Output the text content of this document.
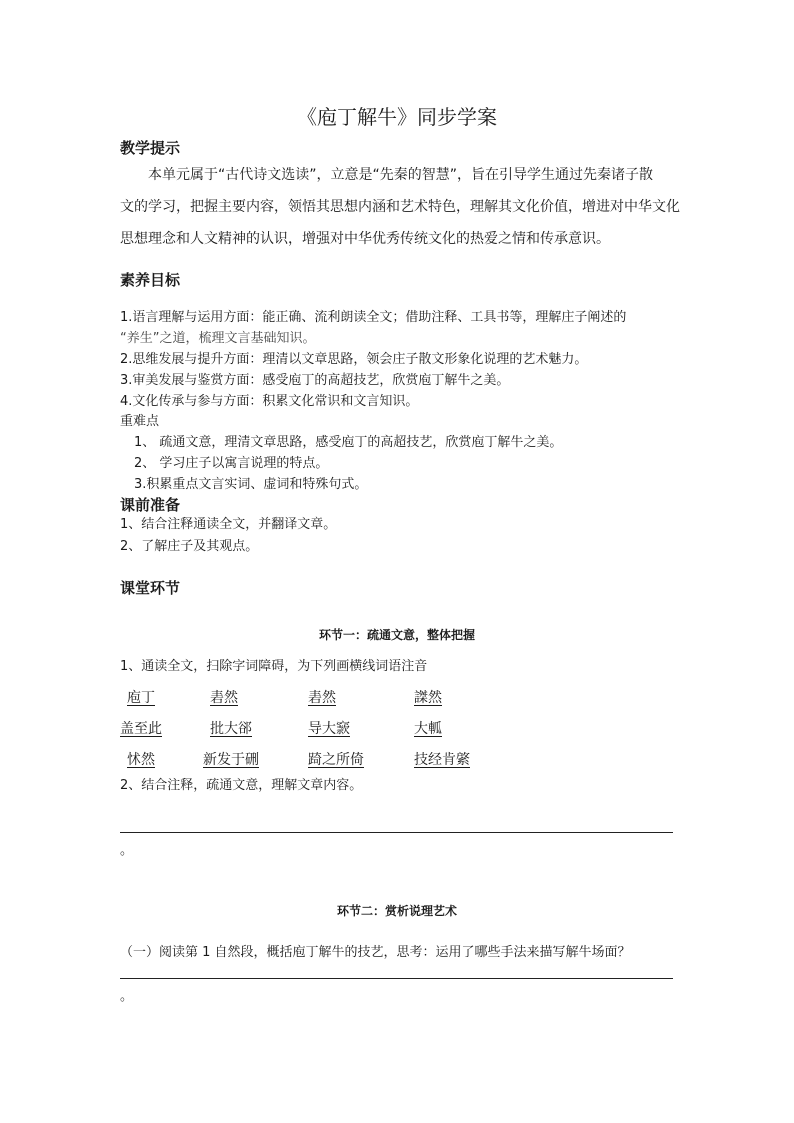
《庖丁解牛》同步学案
教学提示
本单元属于“古代诗文选读”，立意是“先秦的智慧”，旨在引导学生通过先秦诸子散
文的学习，把握主要内容，领悟其思想内涵和艺术特色，理解其文化价值，增进对中华文化
思想理念和人文精神的认识，增强对中华优秀传统文化的热爱之情和传承意识。
素养目标
1.语言理解与运用方面：能正确、流利朗读全文；借助注释、工具书等，理解庄子阐述的
“养生”之道，梳理文言基础知识。
2.思维发展与提升方面：理清以文章思路，领会庄子散文形象化说理的艺术魅力。
3.审美发展与鉴赏方面：感受庖丁的高超技艺，欣赏庖丁解牛之美。
4.文化传承与参与方面：积累文化常识和文言知识。
重难点
1、 疏通文意，理清文章思路，感受庖丁的高超技艺，欣赏庖丁解牛之美。
2、 学习庄子以寓言说理的特点。
3.积累重点文言实词、虚词和特殊句式。
课前准备
1、结合注释通读全文，并翻译文章。
2、了解庄子及其观点。
课堂环节
环节一：疏通文意，整体把握
1、通读全文，扫除字词障碍，为下列画横线词语注音
庖丁	砉然	砉然	謋然
盖至此	批大郤	导大窾	大軱
怵然	新发于硎	踦之所倚	技经肯綮
2、结合注释，疏通文意，理解文章内容。
。
环节二：赏析说理艺术
（一）阅读第 1 自然段，概括庖丁解牛的技艺，思考：运用了哪些手法来描写解牛场面？
。
